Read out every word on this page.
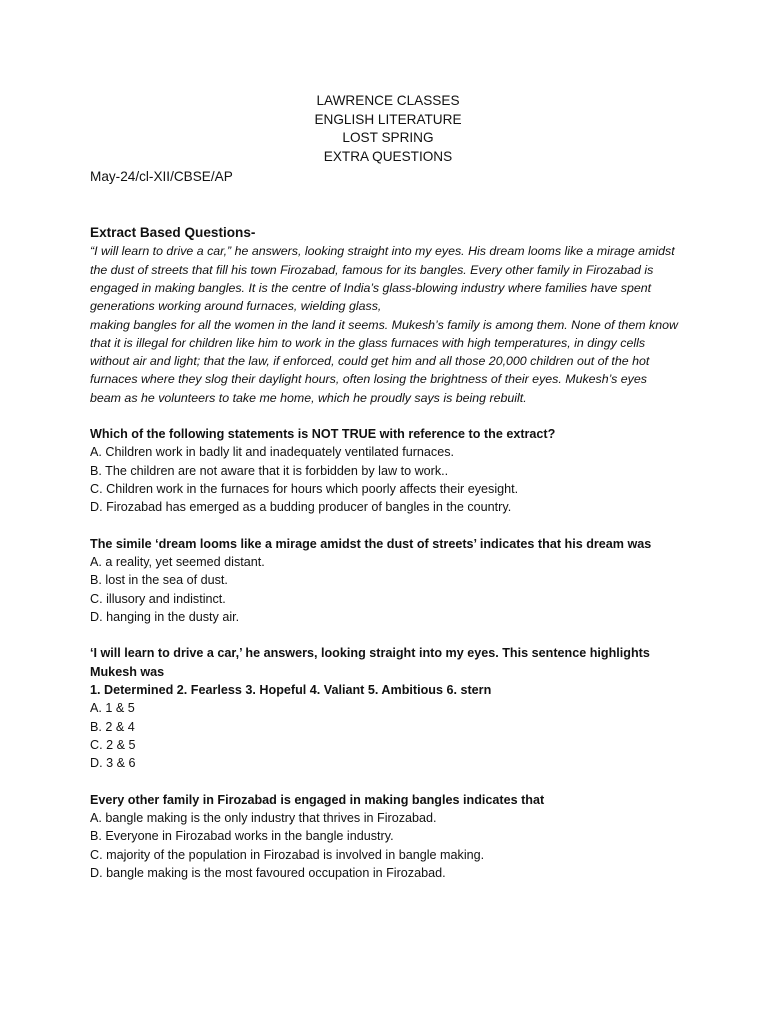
LAWRENCE CLASSES
ENGLISH LITERATURE
LOST SPRING
EXTRA QUESTIONS
May-24/cl-XII/CBSE/AP
Extract Based Questions-

“I will learn to drive a car,” he answers, looking straight into my eyes. His dream looms like a mirage amidst the dust of streets that fill his town Firozabad, famous for its bangles. Every other family in Firozabad is engaged in making bangles. It is the centre of India’s glass-blowing industry where families have spent generations working around furnaces, wielding glass,

making bangles for all the women in the land it seems. Mukesh’s family is among them. None of them know that it is illegal for children like him to work in the glass furnaces with high temperatures, in dingy cells without air and light; that the law, if enforced, could get him and all those 20,000 children out of the hot furnaces where they slog their daylight hours, often losing the brightness of their eyes. Mukesh’s eyes beam as he volunteers to take me home, which he proudly says is being rebuilt.

Which of the following statements is NOT TRUE with reference to the extract?
A. Children work in badly lit and inadequately ventilated furnaces.
B. The children are not aware that it is forbidden by law to work..
C. Children work in the furnaces for hours which poorly affects their eyesight.
D. Firozabad has emerged as a budding producer of bangles in the country.
The simile ‘dream looms like a mirage amidst the dust of streets’ indicates that his dream was
A. a reality, yet seemed distant.
B. lost in the sea of dust.
C. illusory and indistinct.
D. hanging in the dusty air.
‘I will learn to drive a car,’ he answers, looking straight into my eyes. This sentence highlights Mukesh was
1. Determined 2. Fearless 3. Hopeful 4. Valiant 5. Ambitious 6. stern
A. 1 & 5
B. 2 & 4
C. 2 & 5
D. 3 & 6
Every other family in Firozabad is engaged in making bangles indicates that
A. bangle making is the only industry that thrives in Firozabad.
B. Everyone in Firozabad works in the bangle industry.
C. majority of the population in Firozabad is involved in bangle making.
D. bangle making is the most favoured occupation in Firozabad.
